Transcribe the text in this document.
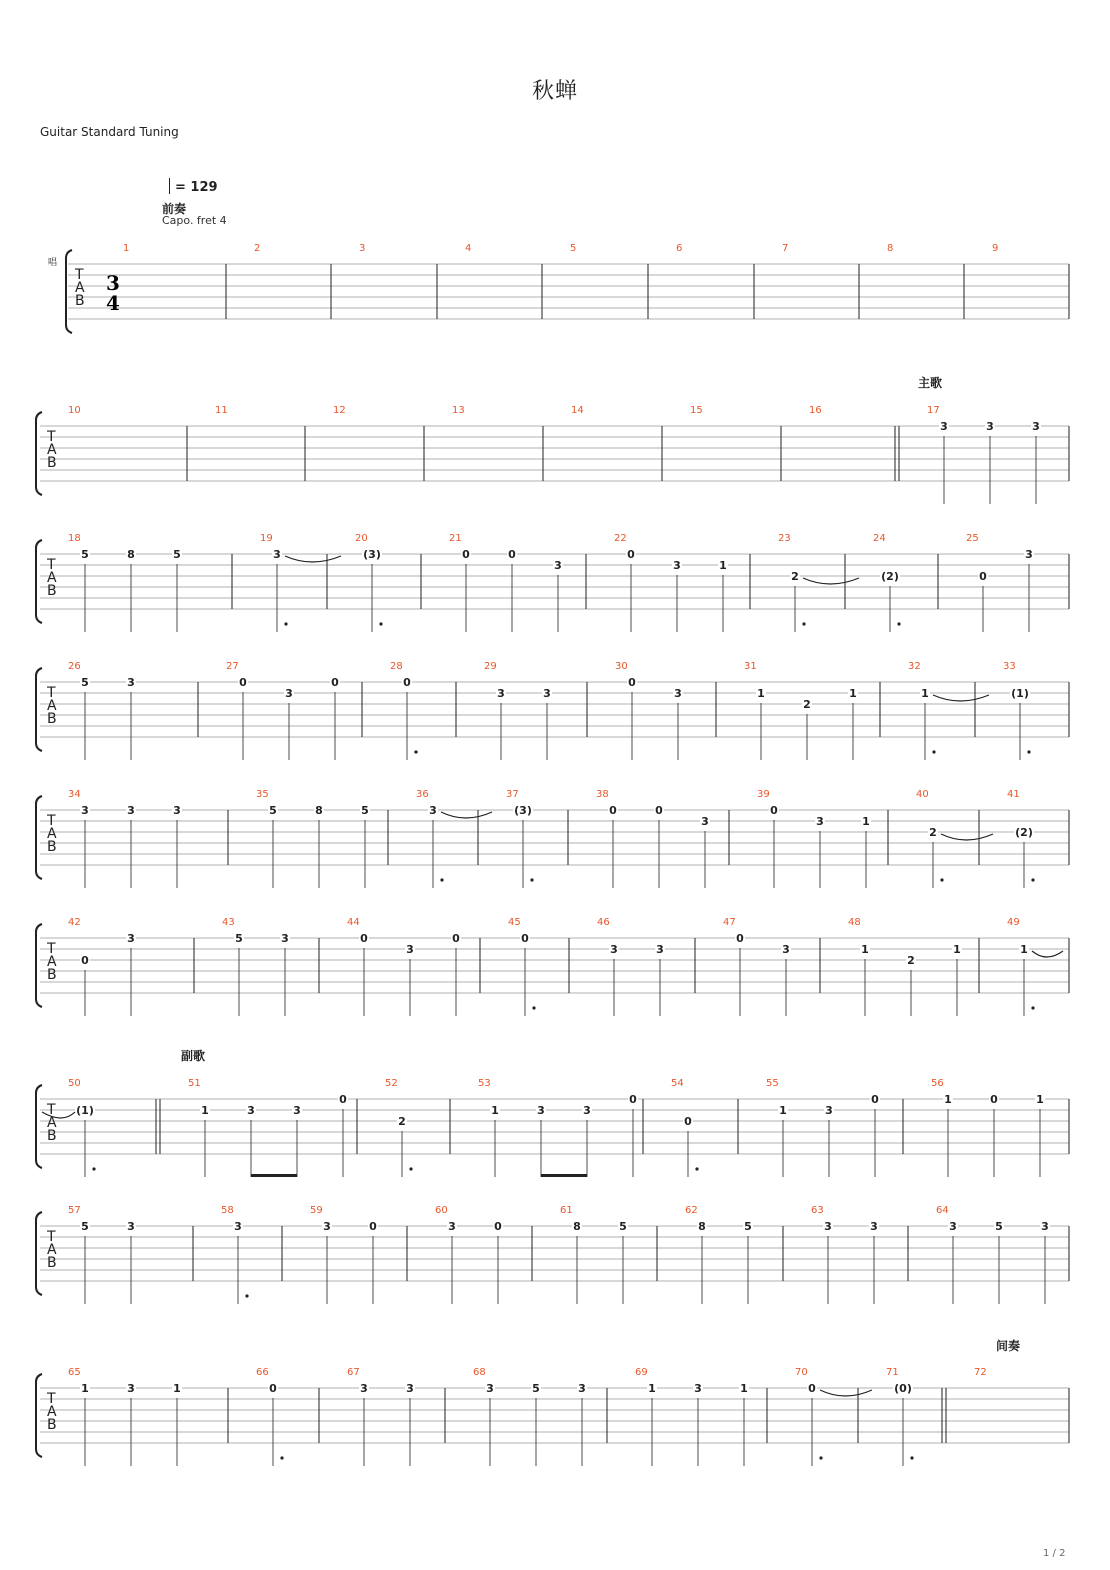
秋蝉
Guitar Standard Tuning
= 129
前奏
Capo. fret 4
唱
主歌
副歌
间奏
1 / 2
T
A
B
3
4
1	2	3	4	5	6	7	8	9
T
A
B
10	11	12	13	14	15	16	17
3	3	3
T
A
B
18
5	8	5
19
3
20
(3)
21
0	0
3
22
0
3	1
23
2
24
(2)
25
0
3
T
A
B
26
5	3
27
0
3
0
28
0
29
3	3
30
0
3
31
1
2
1
32
1
33
(1)
T
A
B
34
3	3	3
35
5	8	5
36
3
37
(3)
38
0	0
3
39
0
3	1
40
2
41
(2)
T
A
B
42
0
3
43
5	3
44
0
3
0
45
0
46
3	3
47
0
3
48
1
2
1
49
1
T
A
B
50
(1)
51
1	3	3
0
52
2
53
1	3	3
0
54
0
55
1	3
0
56
1	0	1
T
A
B
57
5	3
58
3
59
3	0
60
3	0
61
8	5
62
8	5
63
3	3
64
3	5	3
T
A
B
65
1	3	1
66
0
67
3	3
68
3	5	3
69
1	3	1
70
0
71
(0)
72
